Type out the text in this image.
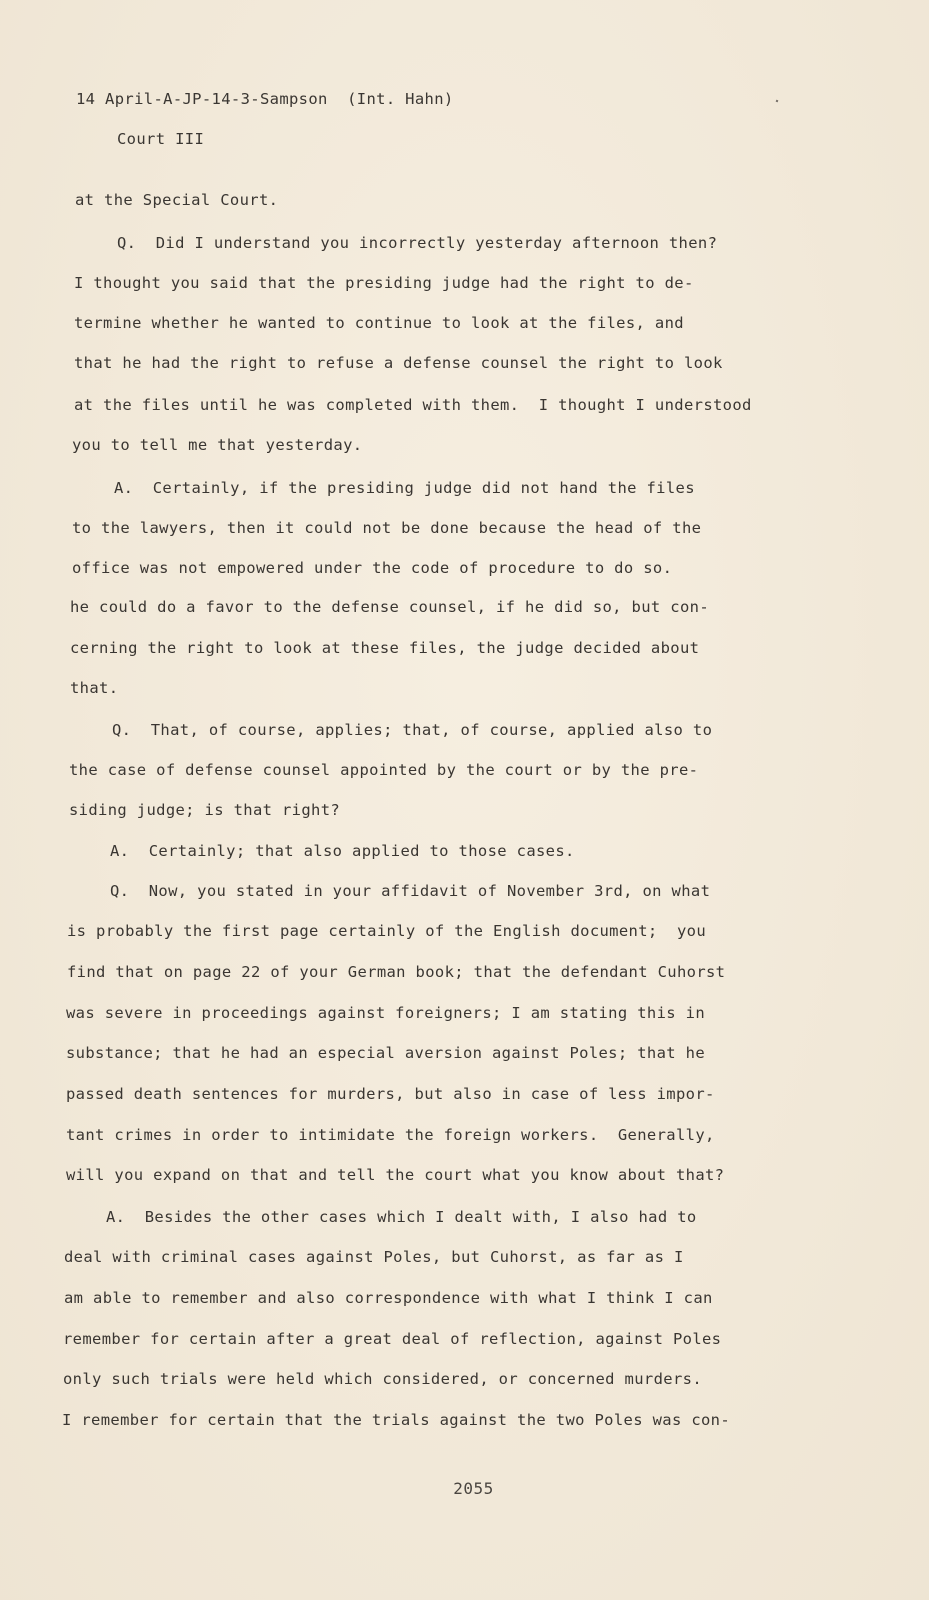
14 April-A-JP-14-3-Sampson  (Int. Hahn)
Court III
at the Special Court.
Q.  Did I understand you incorrectly yesterday afternoon then?
I thought you said that the presiding judge had the right to de-
termine whether he wanted to continue to look at the files, and
that he had the right to refuse a defense counsel the right to look
at the files until he was completed with them.  I thought I understood
you to tell me that yesterday.
A.  Certainly, if the presiding judge did not hand the files
to the lawyers, then it could not be done because the head of the
office was not empowered under the code of procedure to do so.
he could do a favor to the defense counsel, if he did so, but con-
cerning the right to look at these files, the judge decided about
that.
Q.  That, of course, applies; that, of course, applied also to
the case of defense counsel appointed by the court or by the pre-
siding judge; is that right?
A.  Certainly; that also applied to those cases.
Q.  Now, you stated in your affidavit of November 3rd, on what
is probably the first page certainly of the English document;  you
find that on page 22 of your German book; that the defendant Cuhorst
was severe in proceedings against foreigners; I am stating this in
substance; that he had an especial aversion against Poles; that he
passed death sentences for murders, but also in case of less impor-
tant crimes in order to intimidate the foreign workers.  Generally,
will you expand on that and tell the court what you know about that?
A.  Besides the other cases which I dealt with, I also had to
deal with criminal cases against Poles, but Cuhorst, as far as I
am able to remember and also correspondence with what I think I can
remember for certain after a great deal of reflection, against Poles
only such trials were held which considered, or concerned murders.
I remember for certain that the trials against the two Poles was con-
2055
